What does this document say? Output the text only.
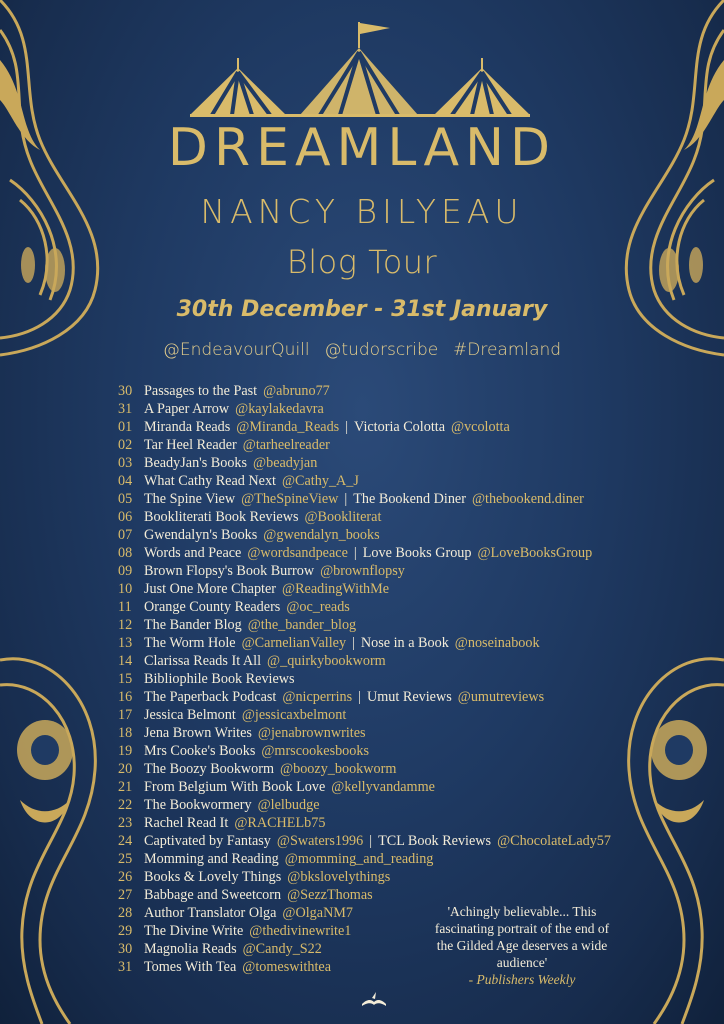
DREAMLAND
NANCY BILYEAU
Blog Tour
30th December - 31st January
@EndeavourQuill  @tudorscribe  #Dreamland
30 Passages to the Past @abruno77
31 A Paper Arrow @kaylakedavra
01 Miranda Reads @Miranda_Reads | Victoria Colotta @vcolotta
02 Tar Heel Reader @tarheelreader
03 BeadyJan's Books @beadyjan
04 What Cathy Read Next @Cathy_A_J
05 The Spine View @TheSpineView | The Bookend Diner @thebookend.diner
06 Bookliterati Book Reviews @Bookliterat
07 Gwendalyn's Books @gwendalyn_books
08 Words and Peace @wordsandpeace | Love Books Group @LoveBooksGroup
09 Brown Flopsy's Book Burrow @brownflopsy
10 Just One More Chapter @ReadingWithMe
11 Orange County Readers @oc_reads
12 The Bander Blog @the_bander_blog
13 The Worm Hole @CarnelianValley | Nose in a Book @noseinabook
14 Clarissa Reads It All @_quirkybookworm
15 Bibliophile Book Reviews
16 The Paperback Podcast @nicperrins | Umut Reviews @umutreviews
17 Jessica Belmont @jessicaxbelmont
18 Jena Brown Writes @jenabrownwrites
19 Mrs Cooke's Books @mrscookesbooks
20 The Boozy Bookworm @boozy_bookworm
21 From Belgium With Book Love @kellyvandamme
22 The Bookwormery @lelbudge
23 Rachel Read It @RACHELb75
24 Captivated by Fantasy @Swaters1996 | TCL Book Reviews @ChocolateLady57
25 Momming and Reading @momming_and_reading
26 Books & Lovely Things @bkslovelythings
27 Babbage and Sweetcorn @SezzThomas
28 Author Translator Olga @OlgaNM7
29 The Divine Write @thedivinewrite1
30 Magnolia Reads @Candy_S22
31 Tomes With Tea @tomeswithtea
'Achingly believable... This fascinating portrait of the end of the Gilded Age deserves a wide audience'
- Publishers Weekly
